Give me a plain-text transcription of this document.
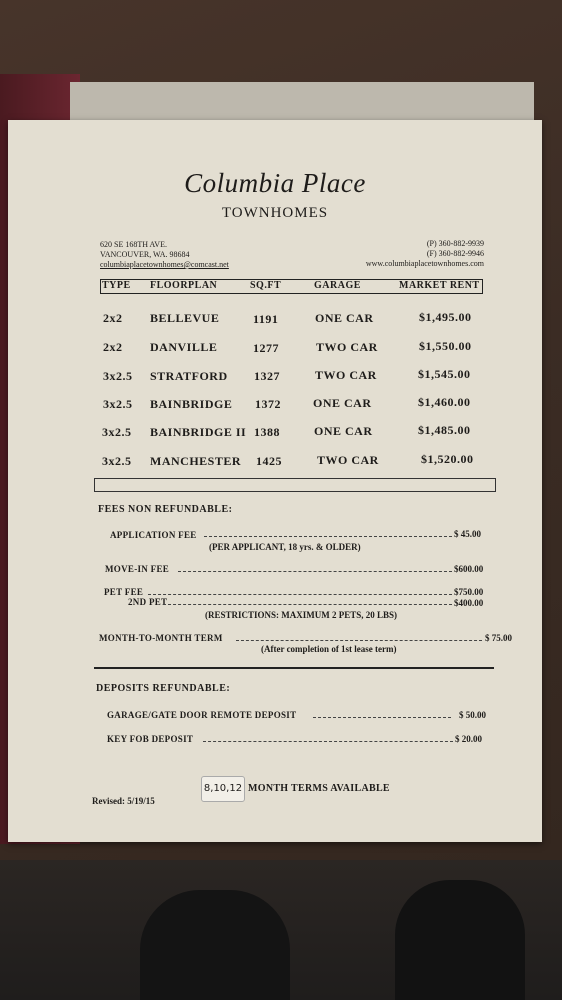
Columbia Place
TOWNHOMES
620 SE 168TH AVE.
VANCOUVER, WA. 98684
columbiaplacetownhomes@comcast.net
(P) 360-882-9939
(F) 360-882-9946
www.columbiaplacetownhomes.com
TYPE FLOORPLAN	SQ.FT	GARAGE	MARKET RENT
2x2 BELLEVUE	1191	ONE CAR	$1,495.00
2x2 DANVILLE	1277	TWO CAR	$1,550.00
3x2.5 STRATFORD 1327	TWO CAR	$1,545.00
3x2.5 BAINBRIDGE 1372	ONE CAR	$1,460.00
3x2.5 BAINBRIDGE II 1388	ONE CAR	$1,485.00
3x2.5 MANCHESTER 1425	TWO CAR	$1,520.00
FEES NON REFUNDABLE:
APPLICATION FEE	$ 45.00
(PER APPLICANT, 18 yrs. & OLDER)
MOVE-IN FEE	$600.00
PET FEE	$750.00
2ND PET	$400.00
(RESTRICTIONS: MAXIMUM 2 PETS, 20 LBS)
MONTH-TO-MONTH TERM	$ 75.00
(After completion of 1st lease term)
DEPOSITS REFUNDABLE:
GARAGE/GATE DOOR REMOTE DEPOSIT	$ 50.00
KEY FOB DEPOSIT	$ 20.00
8,10,12 MONTH TERMS AVAILABLE
Revised: 5/19/15
